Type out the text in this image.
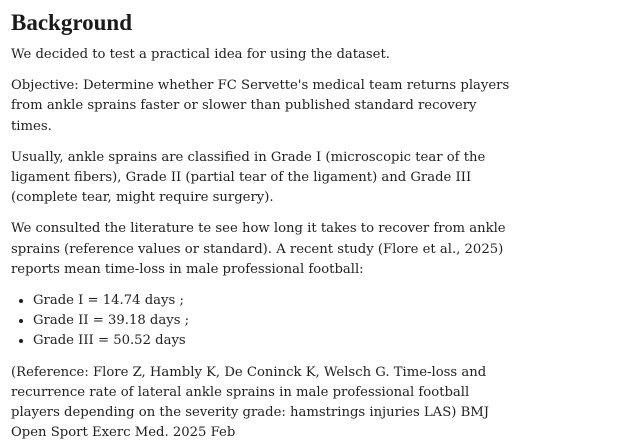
Background

We decided to test a practical idea for using the dataset.

Objective: Determine whether FC Servette's medical team returns players from ankle sprains faster or slower than published standard recovery times.

Usually, ankle sprains are classified in Grade I (microscopic tear of the ligament fibers), Grade II (partial tear of the ligament) and Grade III (complete tear, might require surgery).

We consulted the literature te see how long it takes to recover from ankle sprains (reference values or standard). A recent study (Flore et al., 2025) reports mean time-loss in male professional football:

• Grade I = 14.74 days ;
• Grade II = 39.18 days ;
• Grade III = 50.52 days

(Reference: Flore Z, Hambly K, De Coninck K, Welsch G. Time-loss and recurrence rate of lateral ankle sprains in male professional football players depending on the severity grade: hamstrings injuries LAS) BMJ Open Sport Exerc Med. 2025 Feb
